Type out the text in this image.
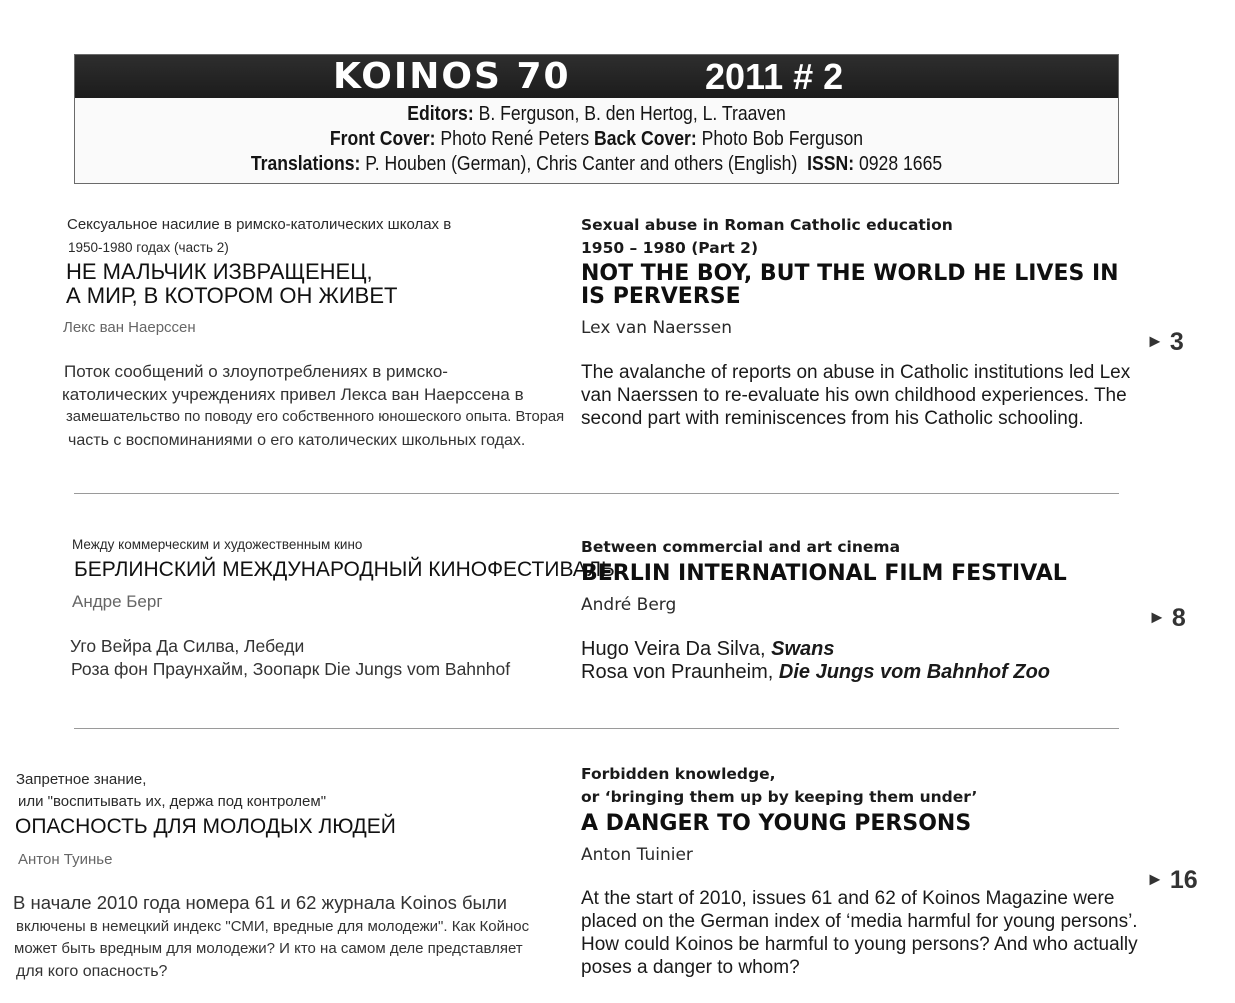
KOINOS 70	2011 # 2
Editors: B. Ferguson, B. den Hertog, L. Traaven
Front Cover: Photo René Peters Back Cover: Photo Bob Ferguson
Translations: P. Houben (German), Chris Canter and others (English) ISSN: 0928 1665
Сексуальное насилие в римско-католических школах в
1950-1980 годах (часть 2)
НЕ МАЛЬЧИК ИЗВРАЩЕНЕЦ,
А МИР, В КОТОРОМ ОН ЖИВЕТ
Лекс ван Наерссен
Поток сообщений о злоупотреблениях в римско-
католических учреждениях привел Лекса ван Наерссена в
замешательство по поводу его собственного юношеского опыта. Вторая
часть с воспоминаниями о его католических школьных годах.
Sexual abuse in Roman Catholic education
1950 – 1980 (Part 2)
NOT THE BOY, BUT THE WORLD HE LIVES IN
IS PERVERSE
Lex van Naerssen
The avalanche of reports on abuse in Catholic institutions led Lex
van Naerssen to re-evaluate his own childhood experiences. The
second part with reminiscences from his Catholic schooling.
► 3
Между коммерческим и художественным кино
БЕРЛИНСКИЙ МЕЖДУНАРОДНЫЙ КИНОФЕСТИВАЛЬ
Андре Берг
Уго Вейра Да Силва, Лебеди
Роза фон Праунхайм, Зоопарк Die Jungs vom Bahnhof
Between commercial and art cinema
BERLIN INTERNATIONAL FILM FESTIVAL
André Berg
Hugo Veira Da Silva, Swans
Rosa von Praunheim, Die Jungs vom Bahnhof Zoo
► 8
Запретное знание,
или "воспитывать их, держа под контролем"
ОПАСНОСТЬ ДЛЯ МОЛОДЫХ ЛЮДЕЙ
Антон Туинье
В начале 2010 года номера 61 и 62 журнала Koinos были
включены в немецкий индекс "СМИ, вредные для молодежи". Как Койнос
может быть вредным для молодежи? И кто на самом деле представляет
для кого опасность?
Forbidden knowledge,
or ‘bringing them up by keeping them under’
A DANGER TO YOUNG PERSONS
Anton Tuinier
At the start of 2010, issues 61 and 62 of Koinos Magazine were
placed on the German index of ‘media harmful for young persons’.
How could Koinos be harmful to young persons? And who actually
poses a danger to whom?
► 16
